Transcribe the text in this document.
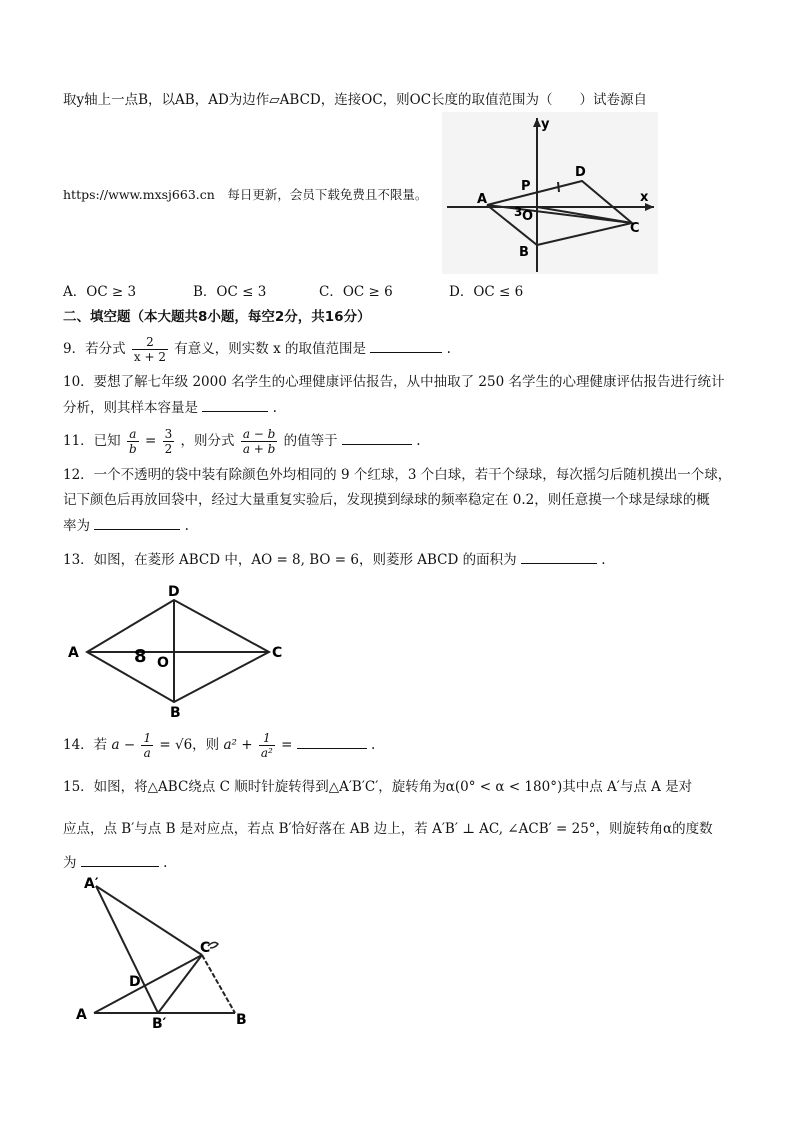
取y轴上一点B，以AB，AD为边作▱ABCD，连接OC，则OC长度的取值范围为（　　）试卷源自
https://www.mxsj663.cn　每日更新，会员下载免费且不限量。
y
x
P
D
A
O
3
C
B
A．OC ≥ 3	B．OC ≤ 3	C．OC ≥ 6	D．OC ≤ 6
二、填空题（本大题共8小题，每空2分，共16分）
9．若分式 $\frac{2}{x + 2}$ 有意义，则实数 x 的取值范围是	.
10．要想了解七年级 2000 名学生的心理健康评估报告，从中抽取了 250 名学生的心理健康评估报告进行统计
分析，则其样本容量是	.
11．已知 $\frac{a}{b} = \frac{3}{2}$ ，则分式 $\frac{a - b}{a + b}$ 的值等于	.
12．一个不透明的袋中装有除颜色外均相同的 9 个红球，3 个白球，若干个绿球，每次摇匀后随机摸出一个球，
记下颜色后再放回袋中，经过大量重复实验后，发现摸到绿球的频率稳定在 0.2，则任意摸一个球是绿球的概
率为	.
13．如图，在菱形 ABCD 中，AO = 8, BO = 6，则菱形 ABCD 的面积为	.
A
D
C
B
O
8
14．若 $a - \frac{1}{a} = √6$，则 $a^2 + \frac{1}{\text{a²}}$ =	.
15．如图，将△ABC绕点 C 顺时针旋转得到△A′B′C′，旋转角为α(0° < α < 180°)其中点 A′与点 A 是对
应点，点 B′与点 B 是对应点，若点 B′恰好落在 AB 边上，若 A′B′ ⊥ AC, ∠ACB′ = 25°，则旋转角α的度数
为	.
A′
C
D
A
B′	B
